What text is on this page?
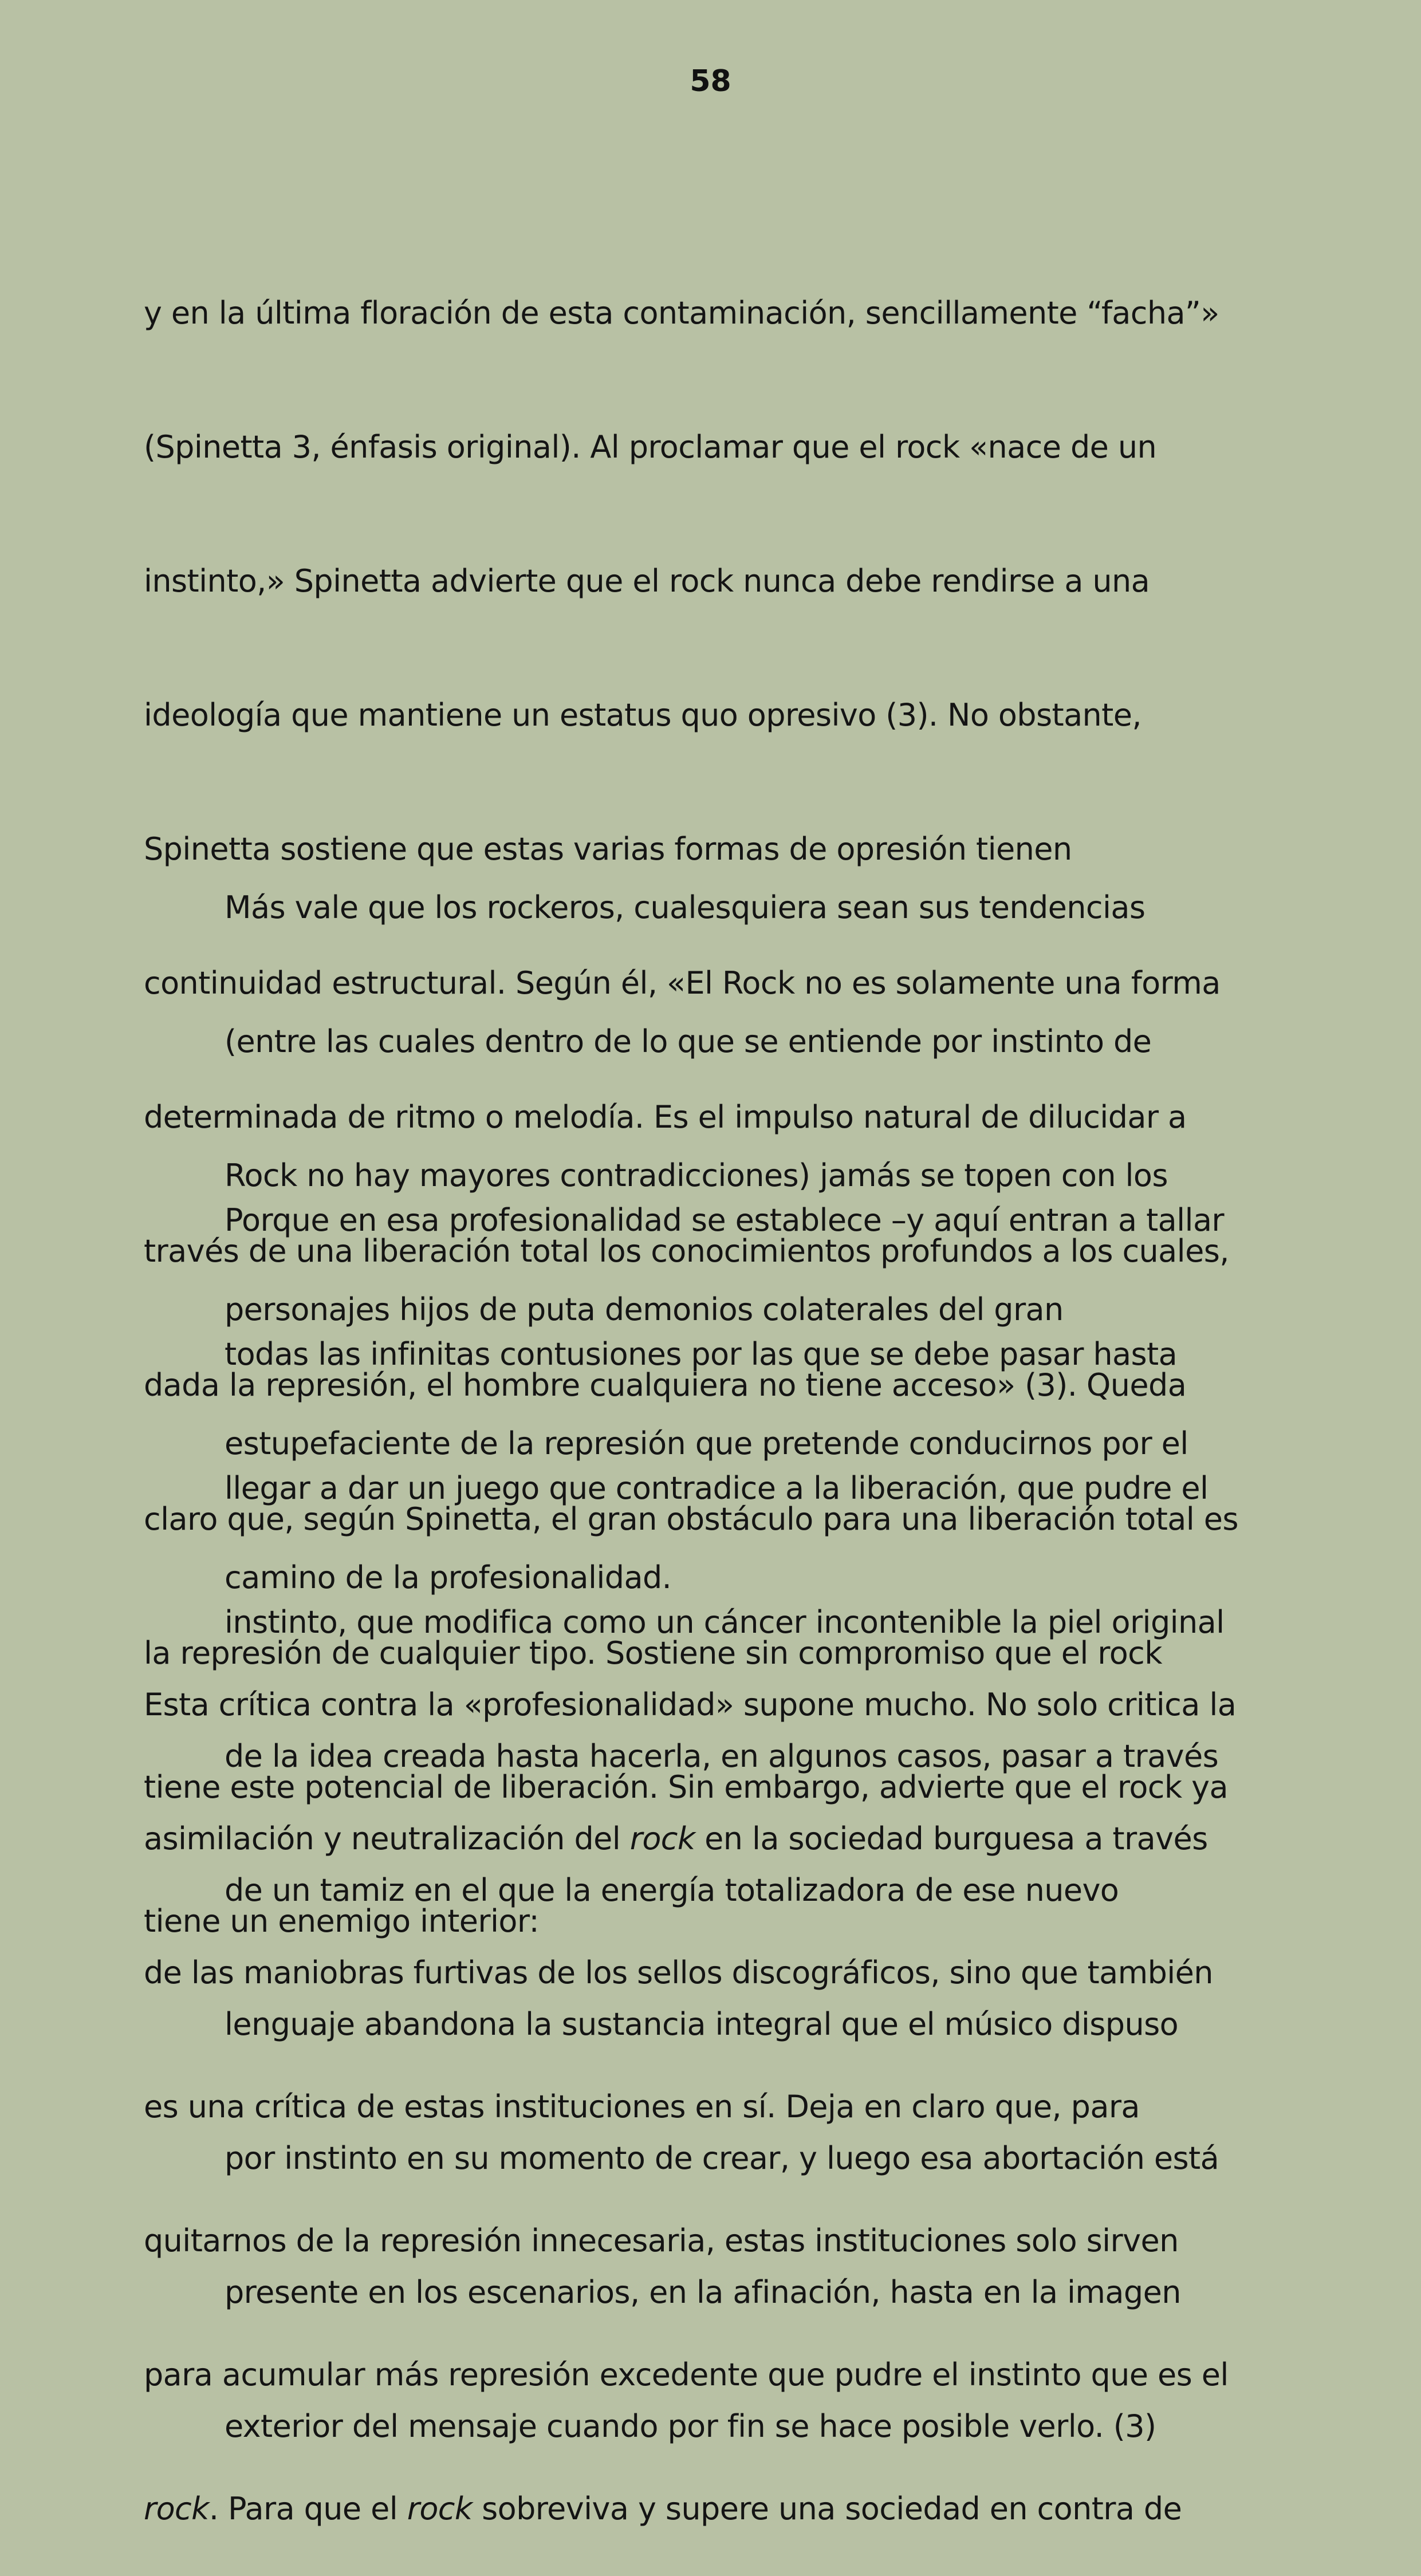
58

y en la última floración de esta contaminación, sencillamente “facha”»

(Spinetta 3, énfasis original). Al proclamar que el rock «nace de un

instinto,» Spinetta advierte que el rock nunca debe rendirse a una

ideología que mantiene un estatus quo opresivo (3). No obstante,

Spinetta sostiene que estas varias formas de opresión tienen

continuidad estructural. Según él, «El Rock no es solamente una forma

determinada de ritmo o melodía. Es el impulso natural de dilucidar a

través de una liberación total los conocimientos profundos a los cuales,

dada la represión, el hombre cualquiera no tiene acceso» (3). Queda

claro que, según Spinetta, el gran obstáculo para una liberación total es

la represión de cualquier tipo. Sostiene sin compromiso que el rock

tiene este potencial de liberación. Sin embargo, advierte que el rock ya

tiene un enemigo interior:

Más vale que los rockeros, cualesquiera sean sus tendencias

(entre las cuales dentro de lo que se entiende por instinto de

Rock no hay mayores contradicciones) jamás se topen con los

personajes hijos de puta demonios colaterales del gran

estupefaciente de la represión que pretende conducirnos por el

camino de la profesionalidad.

Porque en esa profesionalidad se establece –y aquí entran a tallar

todas las infinitas contusiones por las que se debe pasar hasta

llegar a dar un juego que contradice a la liberación, que pudre el

instinto, que modifica como un cáncer incontenible la piel original

de la idea creada hasta hacerla, en algunos casos, pasar a través

de un tamiz en el que la energía totalizadora de ese nuevo

lenguaje abandona la sustancia integral que el músico dispuso

por instinto en su momento de crear, y luego esa abortación está

presente en los escenarios, en la afinación, hasta en la imagen

exterior del mensaje cuando por fin se hace posible verlo. (3)

Esta crítica contra la «profesionalidad» supone mucho. No solo critica la

asimilación y neutralización del rock en la sociedad burguesa a través

de las maniobras furtivas de los sellos discográficos, sino que también

es una crítica de estas instituciones en sí. Deja en claro que, para

quitarnos de la represión innecesaria, estas instituciones solo sirven

para acumular más represión excedente que pudre el instinto que es el

rock. Para que el rock sobreviva y supere una sociedad en contra de
